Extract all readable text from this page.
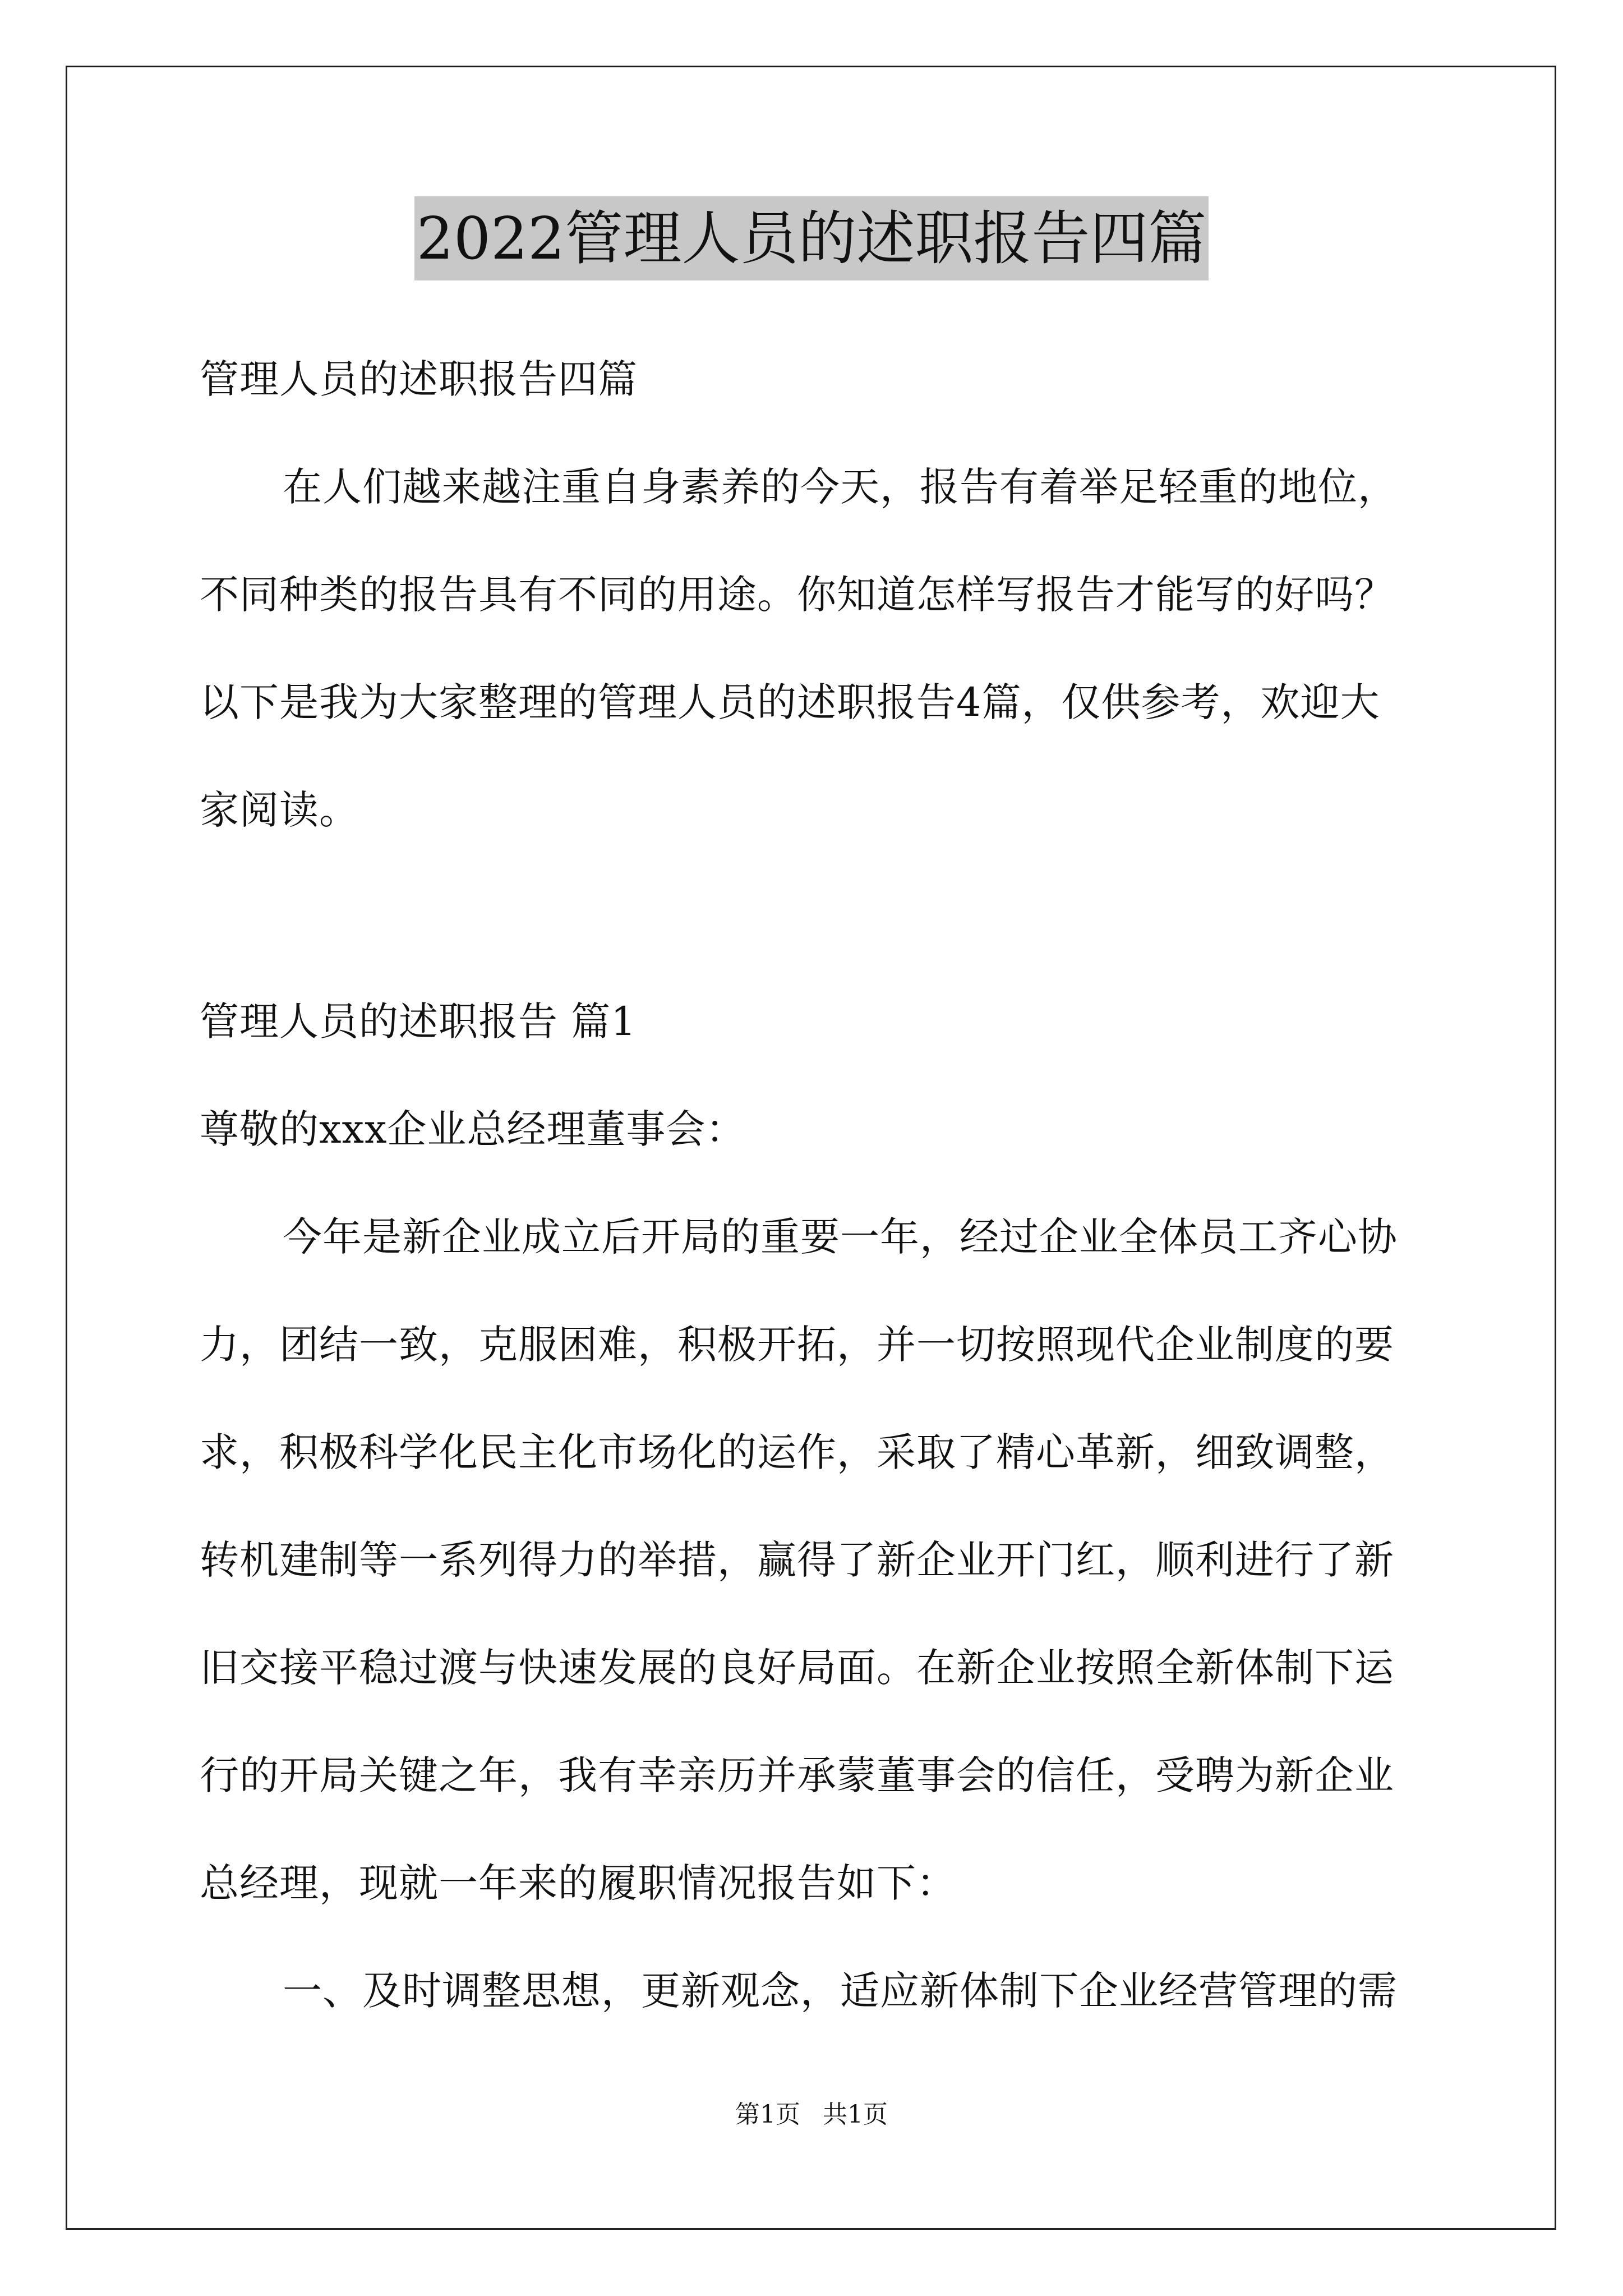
2022管理人员的述职报告四篇
管理人员的述职报告四篇
在人们越来越注重自身素养的今天，报告有着举足轻重的地位，
不同种类的报告具有不同的用途。你知道怎样写报告才能写的好吗？
以下是我为大家整理的管理人员的述职报告4篇，仅供参考，欢迎大
家阅读。
管理人员的述职报告 篇1
尊敬的xxx企业总经理董事会：
今年是新企业成立后开局的重要一年，经过企业全体员工齐心协
力，团结一致，克服困难，积极开拓，并一切按照现代企业制度的要
求，积极科学化民主化市场化的运作，采取了精心革新，细致调整，
转机建制等一系列得力的举措，赢得了新企业开门红，顺利进行了新
旧交接平稳过渡与快速发展的良好局面。在新企业按照全新体制下运
行的开局关键之年，我有幸亲历并承蒙董事会的信任，受聘为新企业
总经理，现就一年来的履职情况报告如下：
一、及时调整思想，更新观念，适应新体制下企业经营管理的需
第1页 共1页
